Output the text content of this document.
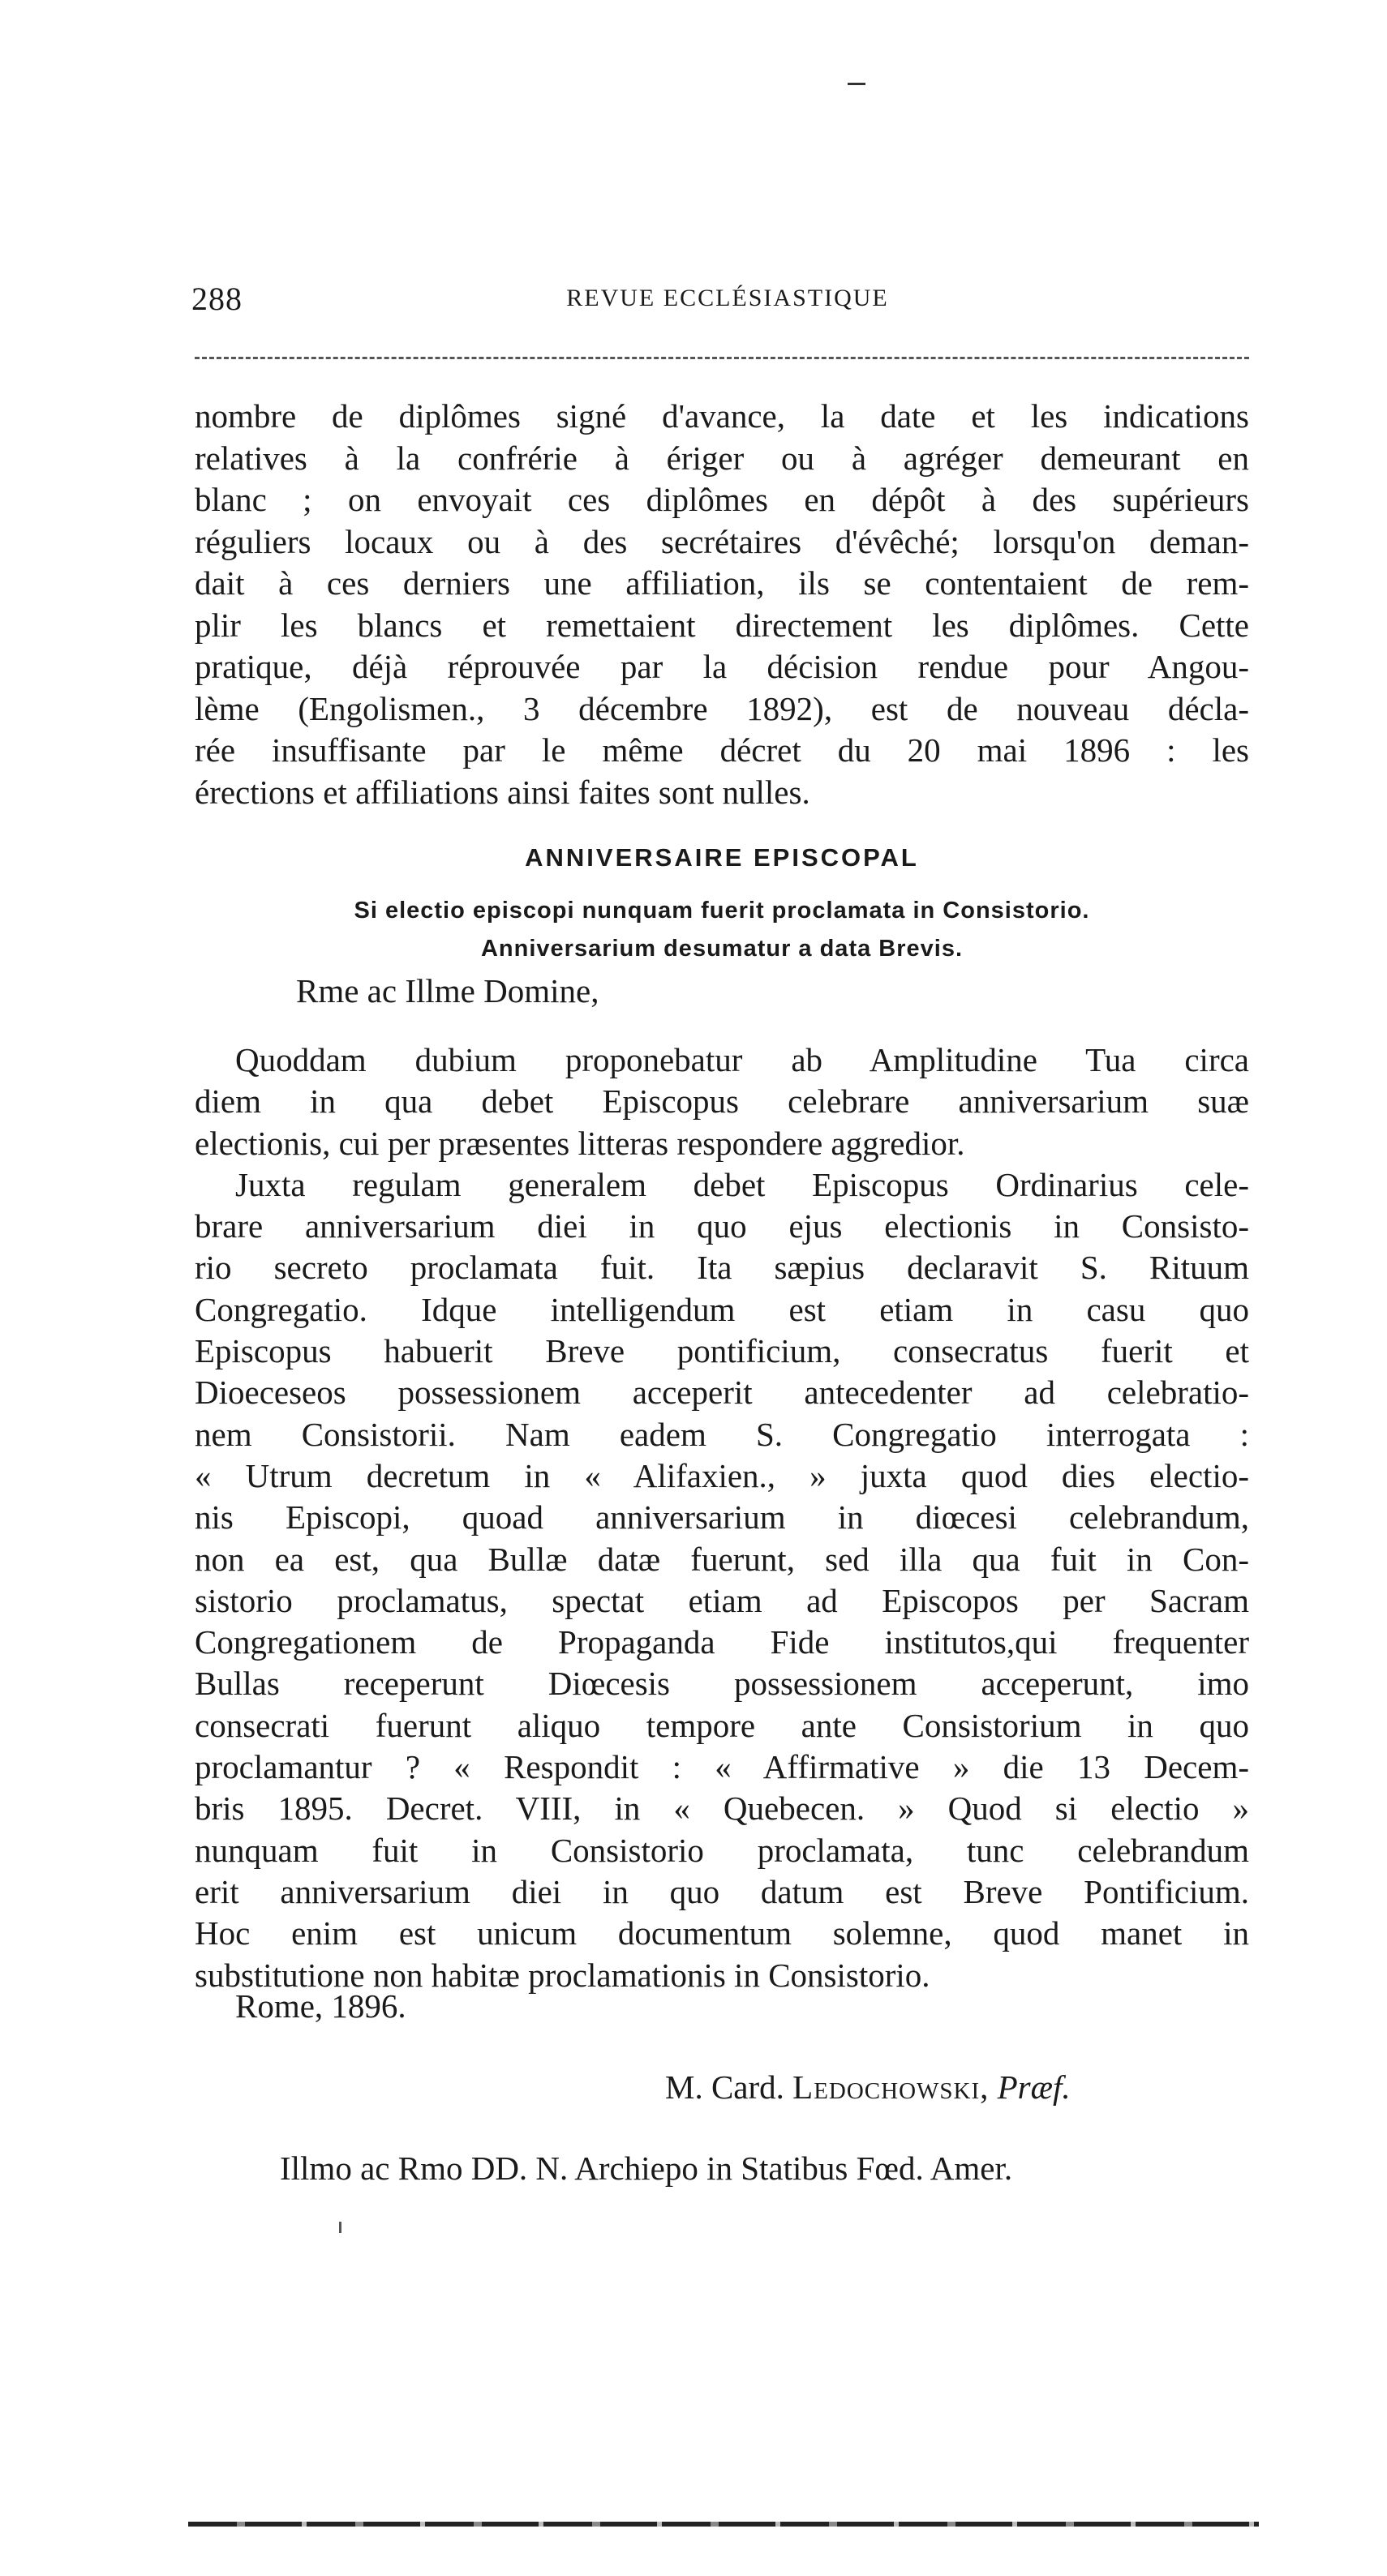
288	REVUE ECCLÉSIASTIQUE
nombre de diplômes signé d'avance, la date et les indications
relatives à la confrérie à ériger ou à agréger demeurant en
blanc ; on envoyait ces diplômes en dépôt à des supérieurs
réguliers locaux ou à des secrétaires d'évêché; lorsqu'on deman-
dait à ces derniers une affiliation, ils se contentaient de rem-
plir les blancs et remettaient directement les diplômes. Cette
pratique, déjà réprouvée par la décision rendue pour Angou-
lème (Engolismen., 3 décembre 1892), est de nouveau décla-
rée insuffisante par le même décret du 20 mai 1896 : les
érections et affiliations ainsi faites sont nulles.
ANNIVERSAIRE EPISCOPAL
Si electio episcopi nunquam fuerit proclamata in Consistorio.
Anniversarium desumatur a data Brevis.
Rme ac Illme Domine,
Quoddam dubium proponebatur ab Amplitudine Tua circa
diem in qua debet Episcopus celebrare anniversarium suæ
electionis, cui per præsentes litteras respondere aggredior.
Juxta regulam generalem debet Episcopus Ordinarius cele-
brare anniversarium diei in quo ejus electionis in Consisto-
rio secreto proclamata fuit. Ita sæpius declaravit S. Rituum
Congregatio. Idque intelligendum est etiam in casu quo
Episcopus habuerit Breve pontificium, consecratus fuerit et
Dioeceseos possessionem acceperit antecedenter ad celebratio-
nem Consistorii. Nam eadem S. Congregatio interrogata :
« Utrum decretum in « Alifaxien., » juxta quod dies electio-
nis Episcopi, quoad anniversarium in diœcesi celebrandum,
non ea est, qua Bullæ datæ fuerunt, sed illa qua fuit in Con-
sistorio proclamatus, spectat etiam ad Episcopos per Sacram
Congregationem de Propaganda Fide institutos,qui frequenter
Bullas receperunt Diœcesis possessionem acceperunt, imo
consecrati fuerunt aliquo tempore ante Consistorium in quo
proclamantur ? « Respondit : « Affirmative » die 13 Decem-
bris 1895. Decret. VIII, in « Quebecen. » Quod si electio »
nunquam fuit in Consistorio proclamata, tunc celebrandum
erit anniversarium diei in quo datum est Breve Pontificium.
Hoc enim est unicum documentum solemne, quod manet in
substitutione non habitæ proclamationis in Consistorio.
Rome, 1896.
M. Card. Ledochowski, Præf.
Illmo ac Rmo DD. N. Archiepo in Statibus Fœd. Amer.
